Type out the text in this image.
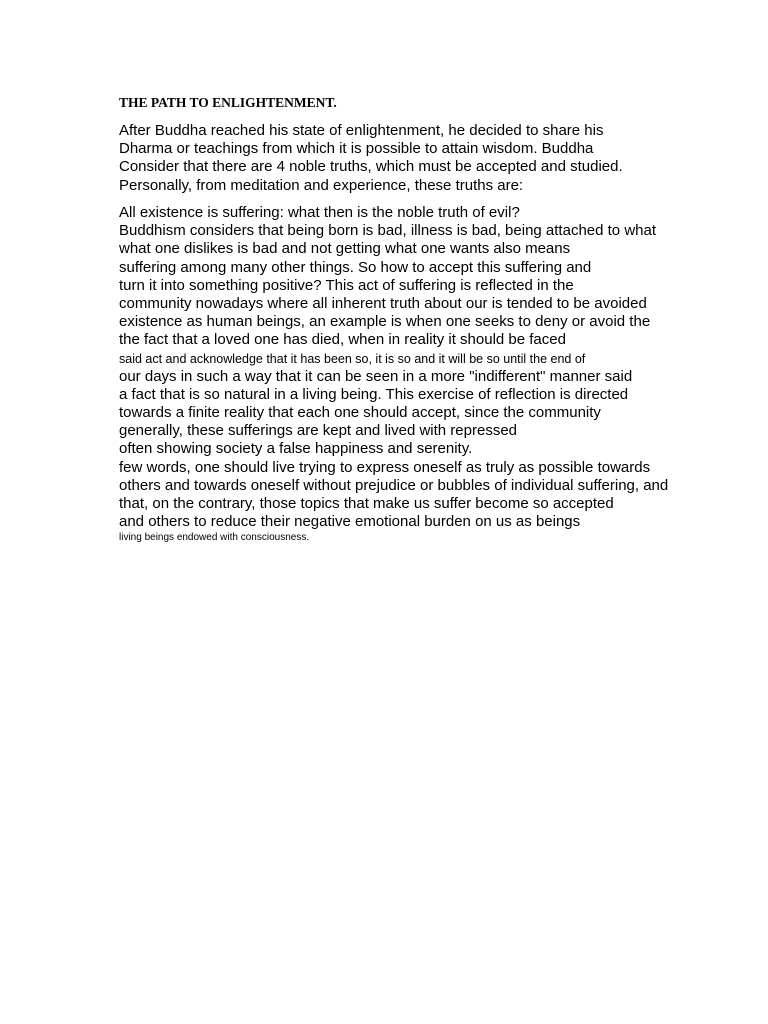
THE PATH TO ENLIGHTENMENT.
After Buddha reached his state of enlightenment, he decided to share his
Dharma or teachings from which it is possible to attain wisdom. Buddha
Consider that there are 4 noble truths, which must be accepted and studied.
Personally, from meditation and experience, these truths are:
All existence is suffering: what then is the noble truth of evil?
Buddhism considers that being born is bad, illness is bad, being attached to what
what one dislikes is bad and not getting what one wants also means
suffering among many other things. So how to accept this suffering and
turn it into something positive? This act of suffering is reflected in the
community nowadays where all inherent truth about our is tended to be avoided
existence as human beings, an example is when one seeks to deny or avoid the
the fact that a loved one has died, when in reality it should be faced
said act and acknowledge that it has been so, it is so and it will be so until the end of
our days in such a way that it can be seen in a more "indifferent" manner said
a fact that is so natural in a living being. This exercise of reflection is directed
towards a finite reality that each one should accept, since the community
generally, these sufferings are kept and lived with repressed
often showing society a false happiness and serenity.
few words, one should live trying to express oneself as truly as possible towards
others and towards oneself without prejudice or bubbles of individual suffering, and
that, on the contrary, those topics that make us suffer become so accepted
and others to reduce their negative emotional burden on us as beings
living beings endowed with consciousness.
